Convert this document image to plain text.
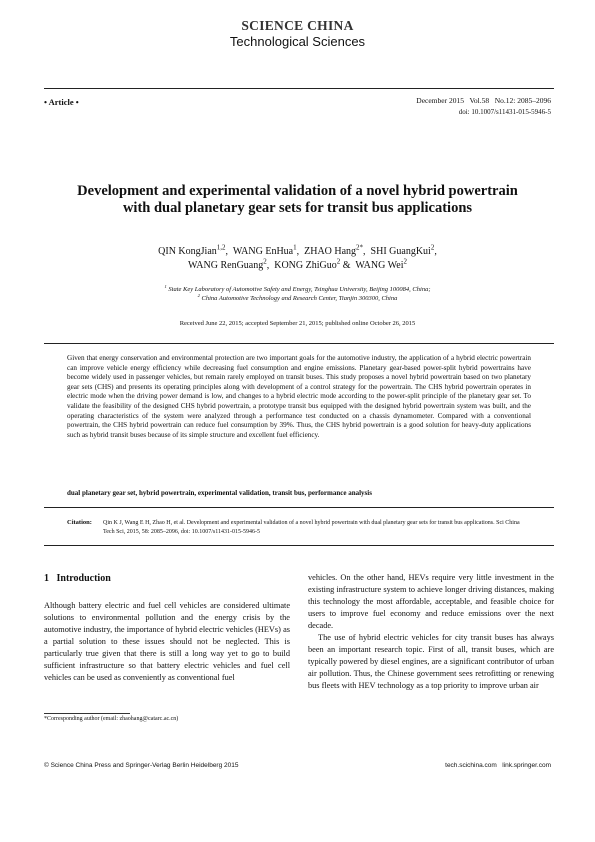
SCIENCE CHINA
Technological Sciences
• Article •	December 2015   Vol.58   No.12: 2085–2096
doi: 10.1007/s11431-015-5946-5
Development and experimental validation of a novel hybrid powertrain with dual planetary gear sets for transit bus applications
QIN KongJian$^{1,2}$,  WANG EnHua$^1$,  ZHAO Hang$^{2*}$,  SHI GuangKui$^2$,
WANG RenGuang$^2$,  KONG ZhiGuo$^2$ &  WANG Wei$^2$
$^1$ State Key Laboratory of Automotive Safety and Energy, Tsinghua University, Beijing 100084, China;
$^2$ China Automotive Technology and Research Center, Tianjin 300300, China
Received June 22, 2015; accepted September 21, 2015; published online October 26, 2015
Given that energy conservation and environmental protection are two important goals for the automotive industry, the application of a hybrid electric powertrain can improve vehicle energy efficiency while decreasing fuel consumption and engine emissions. Planetary gear-based power-split hybrid powertrains have become widely used in passenger vehicles, but remain rarely employed on transit buses. This study proposes a novel hybrid powertrain based on two planetary gear sets (CHS) and presents its operating principles along with development of a control strategy for the powertrain. The CHS hybrid powertrain operates in electric mode when the driving power demand is low, and changes to a hybrid electric mode according to the power-split principle of the planetary gear set. To validate the feasibility of the designed CHS hybrid powertrain, a prototype transit bus equipped with the designed hybrid powertrain system was built, and the operating characteristics of the system were analyzed through a performance test conducted on a chassis dynamometer. Compared with a conventional powertrain, the CHS hybrid powertrain can reduce fuel consumption by 39%. Thus, the CHS hybrid powertrain is a good solution for heavy-duty applications such as hybrid transit buses because of its simple structure and excellent fuel efficiency.
dual planetary gear set, hybrid powertrain, experimental validation, transit bus, performance analysis
Citation: Qin K J, Wang E H, Zhao H, et al. Development and experimental validation of a novel hybrid powertrain with dual planetary gear sets for transit bus applications. Sci China Tech Sci, 2015, 58: 2085–2096, doi: 10.1007/s11431-015-5946-5
1 Introduction

Although battery electric and fuel cell vehicles are considered ultimate solutions to environmental pollution and the energy crisis by the automotive industry, the importance of hybrid electric vehicles (HEVs) as a partial solution to these issues should not be neglected. This is particularly true given that there is still a long way yet to go to build sufficient infrastructure so that battery electric vehicles and fuel cell vehicles can be used as conveniently as conventional fuel

vehicles. On the other hand, HEVs require very little investment in the existing infrastructure system to achieve longer driving distances, making this technology the most affordable, acceptable, and feasible choice for users to improve fuel economy and reduce emissions over the next decade.

The use of hybrid electric vehicles for city transit buses has always been an important research topic. First of all, transit buses, which are typically powered by diesel engines, are a significant contributor of urban air pollution. Thus, the Chinese government sees retrofitting or renewing bus fleets with HEV technology as a top priority to improve urban air

*Corresponding author (email: zhaohang@catarc.ac.cn)
© Science China Press and Springer-Verlag Berlin Heidelberg 2015	tech.scichina.com   link.springer.com
